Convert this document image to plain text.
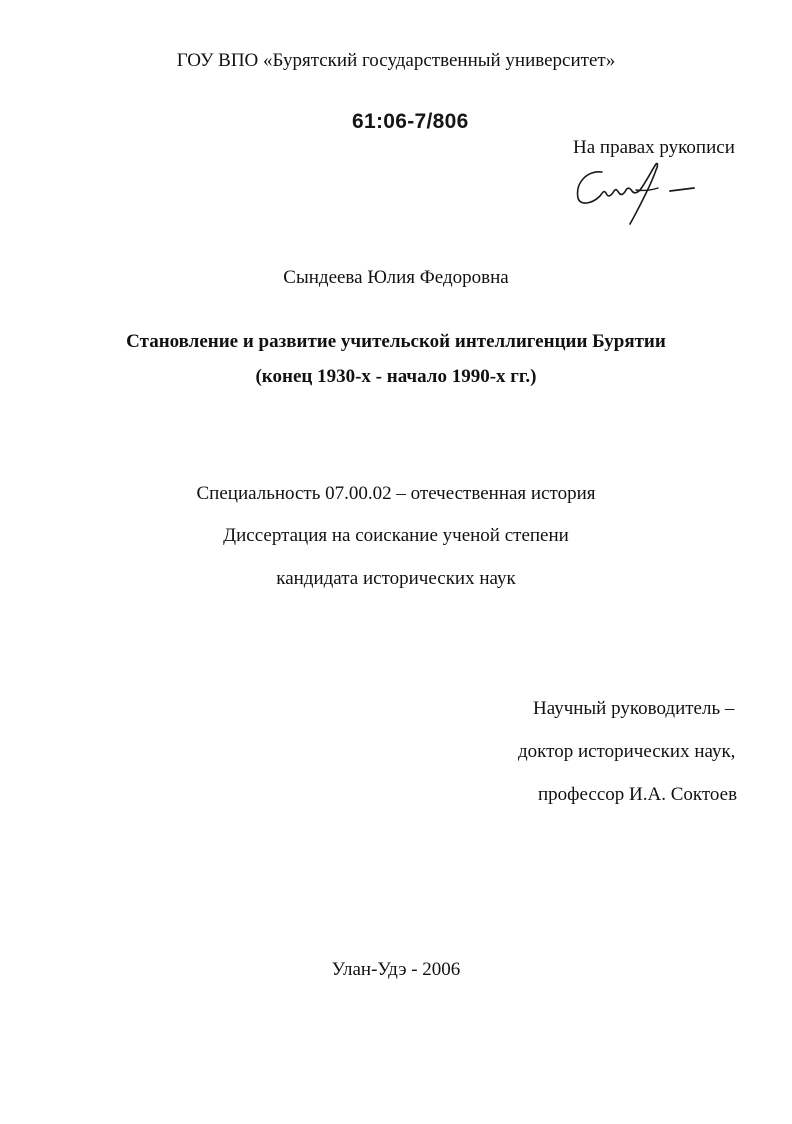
ГОУ ВПО «Бурятский государственный университет»
61:06-7/806
На правах рукописи
Сындеева Юлия Федоровна
Становление и развитие учительской интеллигенции Бурятии
(конец 1930-х - начало 1990-х гг.)
Специальность 07.00.02 – отечественная история
Диссертация на соискание ученой степени
кандидата исторических наук
Научный руководитель –
доктор исторических наук,
профессор И.А. Соктоев
Улан-Удэ - 2006
